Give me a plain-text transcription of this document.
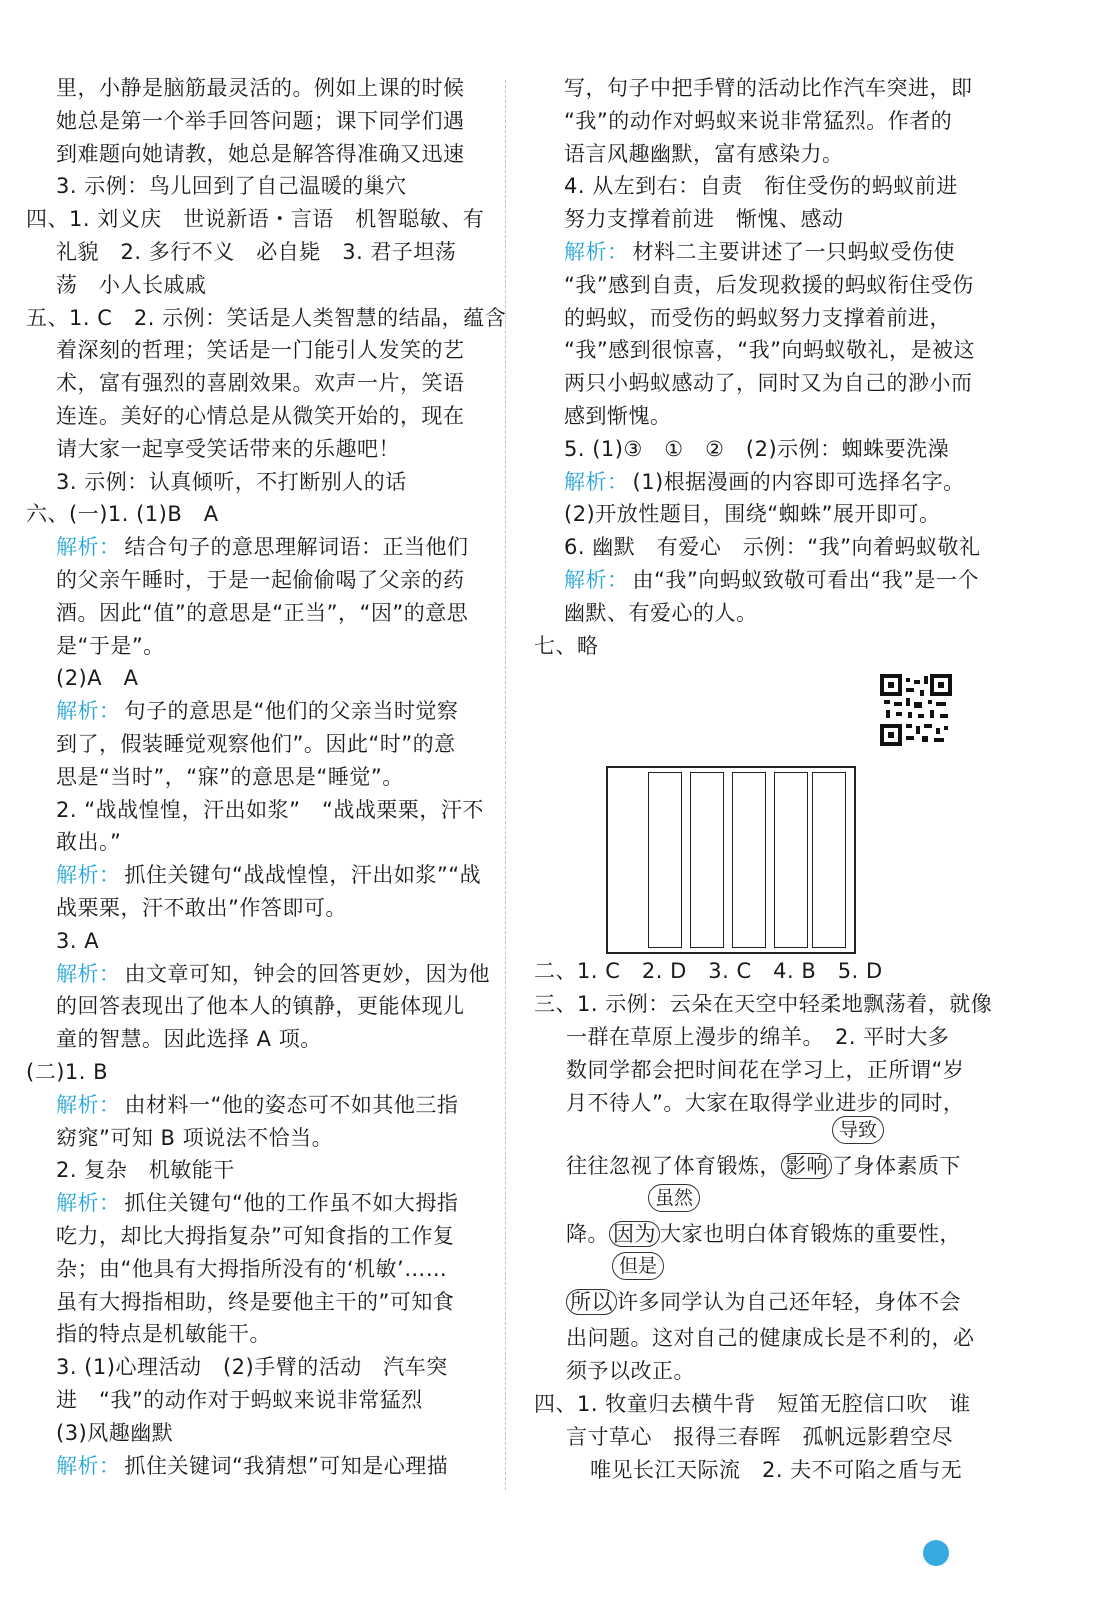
里，小静是脑筋最灵活的。例如上课的时候
她总是第一个举手回答问题；课下同学们遇
到难题向她请教，她总是解答得准确又迅速
3. 示例：鸟儿回到了自己温暖的巢穴
四、1. 刘义庆　世说新语・言语　机智聪敏、有
礼貌　2. 多行不义　必自毙　3. 君子坦荡
荡　小人长戚戚
五、1. C　2. 示例：笑话是人类智慧的结晶，蕴含
着深刻的哲理；笑话是一门能引人发笑的艺
术，富有强烈的喜剧效果。欢声一片，笑语
连连。美好的心情总是从微笑开始的，现在
请大家一起享受笑话带来的乐趣吧！
3. 示例：认真倾听，不打断别人的话
六、(一)1. (1)B　A
解析： 结合句子的意思理解词语：正当他们
的父亲午睡时，于是一起偷偷喝了父亲的药
酒。因此“值”的意思是“正当”，“因”的意思
是“于是”。
(2)A　A
解析： 句子的意思是“他们的父亲当时觉察
到了，假装睡觉观察他们”。因此“时”的意
思是“当时”，“寐”的意思是“睡觉”。
2. “战战惶惶，汗出如浆”　“战战栗栗，汗不
敢出。”
解析： 抓住关键句“战战惶惶，汗出如浆”“战
战栗栗，汗不敢出”作答即可。
3. A
解析： 由文章可知，钟会的回答更妙，因为他
的回答表现出了他本人的镇静，更能体现儿
童的智慧。因此选择 A 项。
(二)1. B
解析： 由材料一“他的姿态可不如其他三指
窈窕”可知 B 项说法不恰当。
2. 复杂　机敏能干
解析： 抓住关键句“他的工作虽不如大拇指
吃力，却比大拇指复杂”可知食指的工作复
杂；由“他具有大拇指所没有的‘机敏’……
虽有大拇指相助，终是要他主干的”可知食
指的特点是机敏能干。
3. (1)心理活动　(2)手臂的活动　汽车突
进　“我”的动作对于蚂蚁来说非常猛烈
(3)风趣幽默
解析： 抓住关键词“我猜想”可知是心理描
写，句子中把手臂的活动比作汽车突进，即
“我”的动作对蚂蚁来说非常猛烈。作者的
语言风趣幽默，富有感染力。
4. 从左到右：自责　衔住受伤的蚂蚁前进
努力支撑着前进　惭愧、感动
解析： 材料二主要讲述了一只蚂蚁受伤使
“我”感到自责，后发现救援的蚂蚁衔住受伤
的蚂蚁，而受伤的蚂蚁努力支撑着前进，
“我”感到很惊喜，“我”向蚂蚁敬礼，是被这
两只小蚂蚁感动了，同时又为自己的渺小而
感到惭愧。
5. (1)③　①　②　(2)示例：蜘蛛要洗澡
解析： (1)根据漫画的内容即可选择名字。
(2)开放性题目，围绕“蜘蛛”展开即可。
6. 幽默　有爱心　示例：“我”向着蚂蚁敬礼
解析： 由“我”向蚂蚁致敬可看出“我”是一个
幽默、有爱心的人。
七、略
二、1. C　2. D　3. C　4. B　5. D
三、1. 示例：云朵在天空中轻柔地飘荡着，就像
一群在草原上漫步的绵羊。　2. 平时大多
数同学都会把时间花在学习上，正所谓“岁
月不待人”。大家在取得学业进步的同时，
往往忽视了体育锻炼， 影响 了身体素质下
导致
降。 因为 大家也明白体育锻炼的重要性，
虽然
所以 许多同学认为自己还年轻，身体不会
但是
出问题。这对自己的健康成长是不利的，必
须予以改正。
四、1. 牧童归去横牛背　短笛无腔信口吹　谁
言寸草心　报得三春晖　孤帆远影碧空尽
唯见长江天际流　2. 夫不可陷之盾与无
